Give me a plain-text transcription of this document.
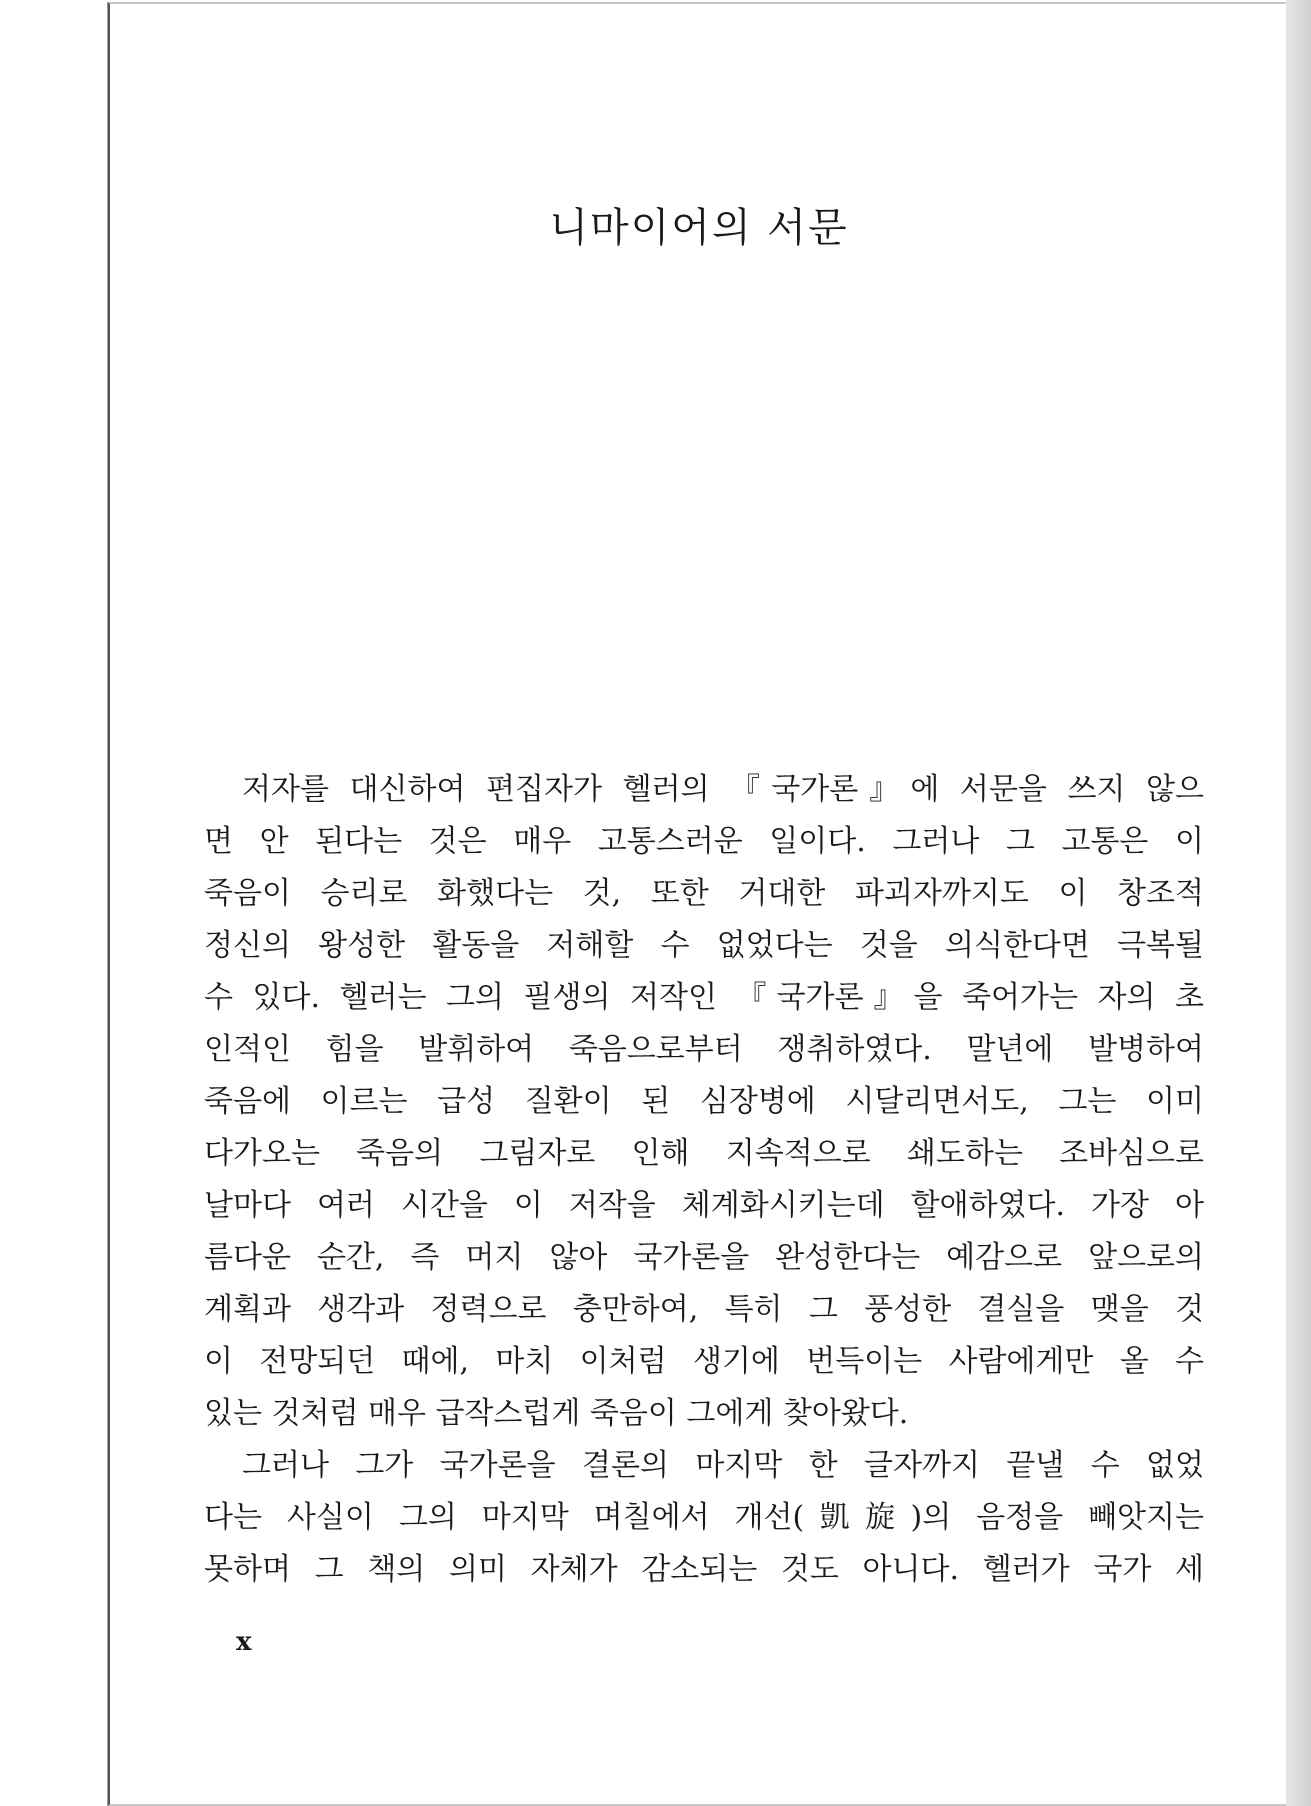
니마이어의 서문
저자를 대신하여 편집자가 헬러의 『국가론』에 서문을 쓰지 않으
면 안 된다는 것은 매우 고통스러운 일이다. 그러나 그 고통은 이
죽음이 승리로 화했다는 것, 또한 거대한 파괴자까지도 이 창조적
정신의 왕성한 활동을 저해할 수 없었다는 것을 의식한다면 극복될
수 있다. 헬러는 그의 필생의 저작인 『국가론』을 죽어가는 자의 초
인적인 힘을 발휘하여 죽음으로부터 쟁취하였다. 말년에 발병하여
죽음에 이르는 급성 질환이 된 심장병에 시달리면서도, 그는 이미
다가오는 죽음의 그림자로 인해 지속적으로 쇄도하는 조바심으로
날마다 여러 시간을 이 저작을 체계화시키는데 할애하였다. 가장 아
름다운 순간, 즉 머지 않아 국가론을 완성한다는 예감으로 앞으로의
계획과 생각과 정력으로 충만하여, 특히 그 풍성한 결실을 맺을 것
이 전망되던 때에, 마치 이처럼 생기에 번득이는 사람에게만 올 수
있는 것처럼 매우 급작스럽게 죽음이 그에게 찾아왔다.
그러나 그가 국가론을 결론의 마지막 한 글자까지 끝낼 수 없었
다는 사실이 그의 마지막 며칠에서 개선(凱旋)의 음정을 빼앗지는
못하며 그 책의 의미 자체가 감소되는 것도 아니다. 헬러가 국가 세
x
